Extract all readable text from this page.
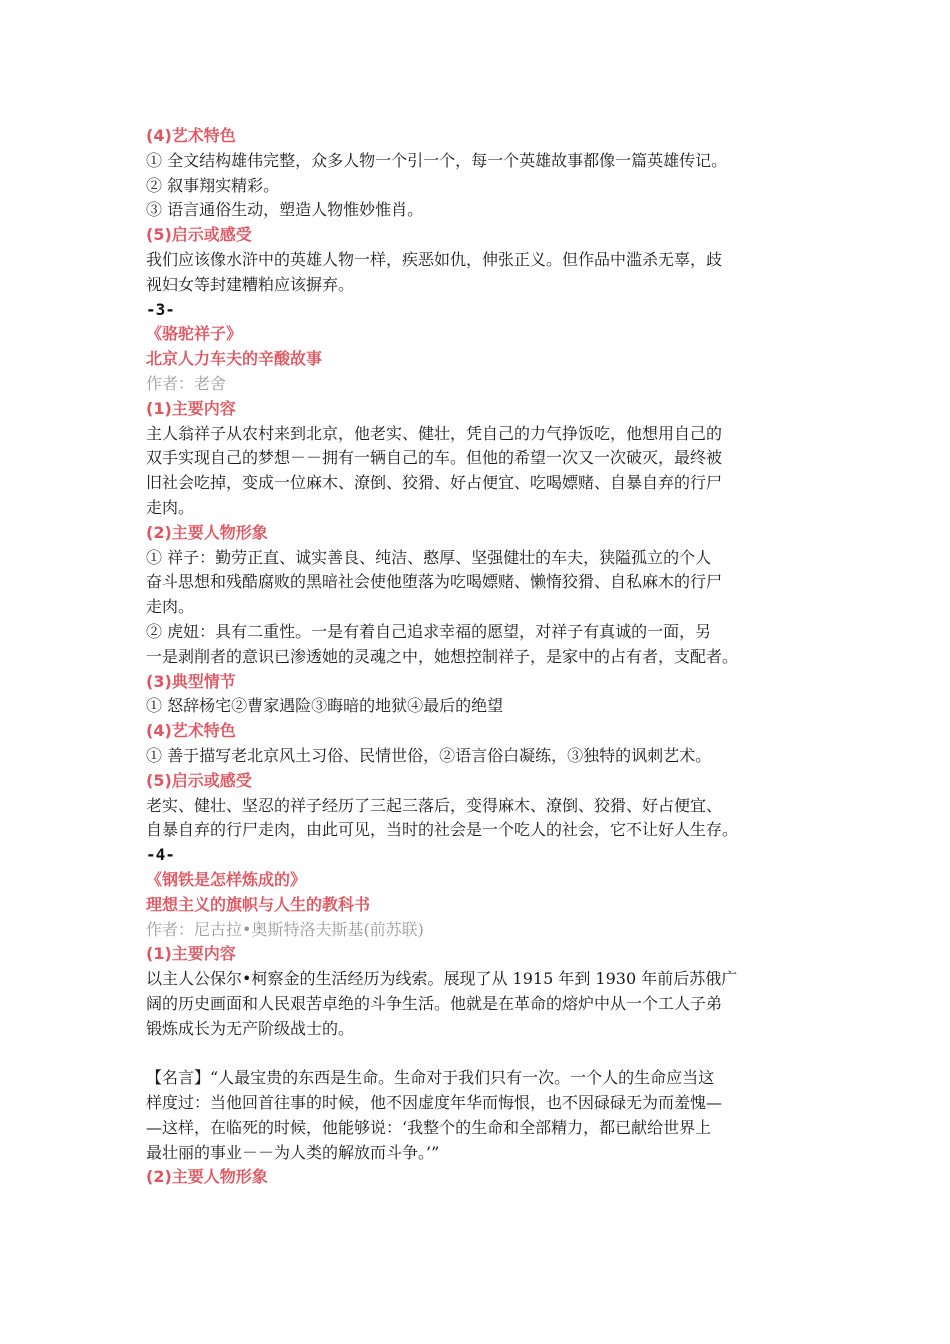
(4)艺术特色
① 全文结构雄伟完整，众多人物一个引一个，每一个英雄故事都像一篇英雄传记。
② 叙事翔实精彩。
③ 语言通俗生动，塑造人物惟妙惟肖。
(5)启示或感受
我们应该像水浒中的英雄人物一样，疾恶如仇，伸张正义。但作品中滥杀无辜，歧
视妇女等封建糟粕应该摒弃。
-3-
《骆驼祥子》
北京人力车夫的辛酸故事
作者：老舍
(1)主要内容
主人翁祥子从农村来到北京，他老实、健壮，凭自己的力气挣饭吃，他想用自己的
双手实现自己的梦想－－拥有一辆自己的车。但他的希望一次又一次破灭，最终被
旧社会吃掉，变成一位麻木、潦倒、狡猾、好占便宜、吃喝嫖赌、自暴自弃的行尸
走肉。
(2)主要人物形象
① 祥子：勤劳正直、诚实善良、纯洁、憨厚、坚强健壮的车夫，狭隘孤立的个人
奋斗思想和残酷腐败的黑暗社会使他堕落为吃喝嫖赌、懒惰狡猾、自私麻木的行尸
走肉。
② 虎妞：具有二重性。一是有着自己追求幸福的愿望，对祥子有真诚的一面，另
一是剥削者的意识已渗透她的灵魂之中，她想控制祥子，是家中的占有者，支配者。
(3)典型情节
① 怒辞杨宅②曹家遇险③晦暗的地狱④最后的绝望
(4)艺术特色
① 善于描写老北京风土习俗、民情世俗，②语言俗白凝练，③独特的讽刺艺术。
(5)启示或感受
老实、健壮、坚忍的祥子经历了三起三落后，变得麻木、潦倒、狡猾、好占便宜、
自暴自弃的行尸走肉，由此可见，当时的社会是一个吃人的社会，它不让好人生存。
-4-
《钢铁是怎样炼成的》
理想主义的旗帜与人生的教科书
作者：尼古拉•奥斯特洛夫斯基(前苏联)
(1)主要内容
以主人公保尔•柯察金的生活经历为线索。展现了从 1915 年到 1930 年前后苏俄广
阔的历史画面和人民艰苦卓绝的斗争生活。他就是在革命的熔炉中从一个工人子弟
锻炼成长为无产阶级战士的。
【名言】“人最宝贵的东西是生命。生命对于我们只有一次。一个人的生命应当这
样度过：当他回首往事的时候，他不因虚度年华而悔恨，也不因碌碌无为而羞愧—
—这样，在临死的时候，他能够说：‘我整个的生命和全部精力，都已献给世界上
最壮丽的事业－－为人类的解放而斗争。’”
(2)主要人物形象
